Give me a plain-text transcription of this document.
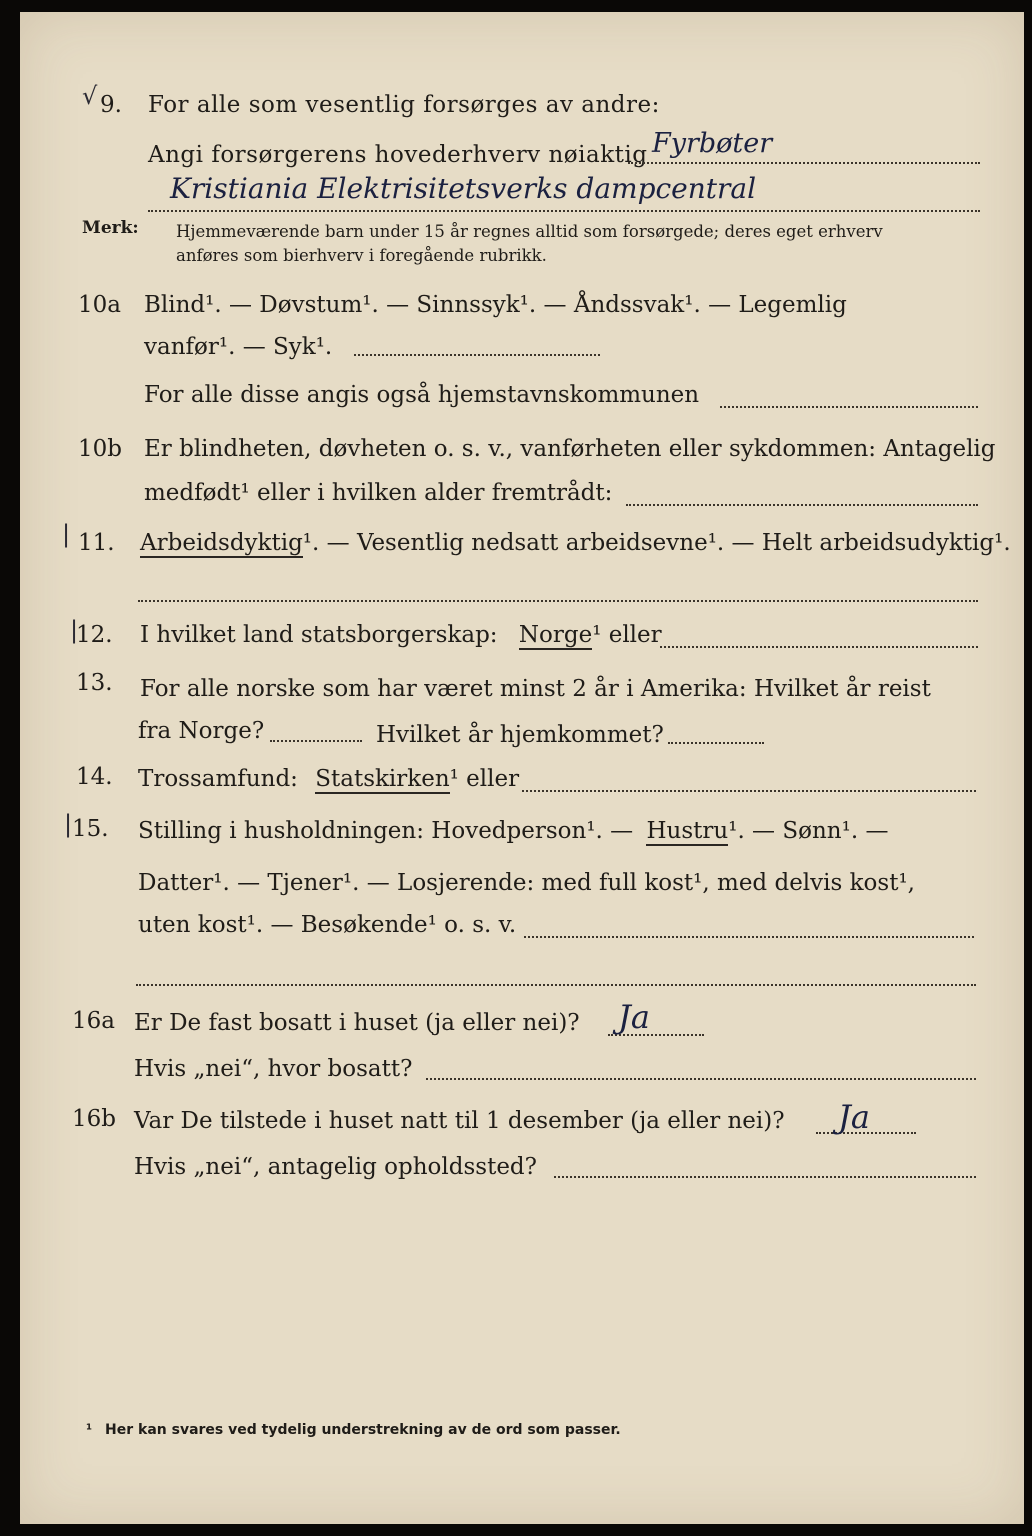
√ 9. For alle som vesentlig forsørges av andre:
Angi forsørgerens hovederhverv nøiaktig Fyrbøter
Kristiania Elektrisitetsverks dampcentral
Merk: Hjemmeværende barn under 15 år regnes alltid som forsørgede; deres eget erhverv
anføres som bierhverv i foregående rubrikk.
10a Blind¹. — Døvstum¹. — Sinnssyk¹. — Åndssvak¹. — Legemlig
vanfør¹. — Syk¹.
For alle disse angis også hjemstavnskommunen
10b Er blindheten, døvheten o. s. v., vanførheten eller sykdommen: Antagelig
medfødt¹ eller i hvilken alder fremtrådt:
| 11. Arbeidsdyktig¹. — Vesentlig nedsatt arbeidsevne¹. — Helt arbeidsudyktig¹.
|
12. I hvilket land statsborgerskap: Norge¹ eller
13. For alle norske som har været minst 2 år i Amerika: Hvilket år reist
fra Norge?	Hvilket år hjemkommet?
14. Trossamfund: Statskirken¹ eller
| 15. Stilling i husholdningen: Hovedperson¹. — Hustru¹. — Sønn¹. —
Datter¹. — Tjener¹. — Losjerende: med full kost¹, med delvis kost¹,
uten kost¹. — Besøkende¹ o. s. v.
16a Er De fast bosatt i huset (ja eller nei)? Ja
Hvis „nei“, hvor bosatt?
16b Var De tilstede i huset natt til 1 desember (ja eller nei)? Ja
Hvis „nei“, antagelig opholdssted?
¹ Her kan svares ved tydelig understrekning av de ord som passer.
